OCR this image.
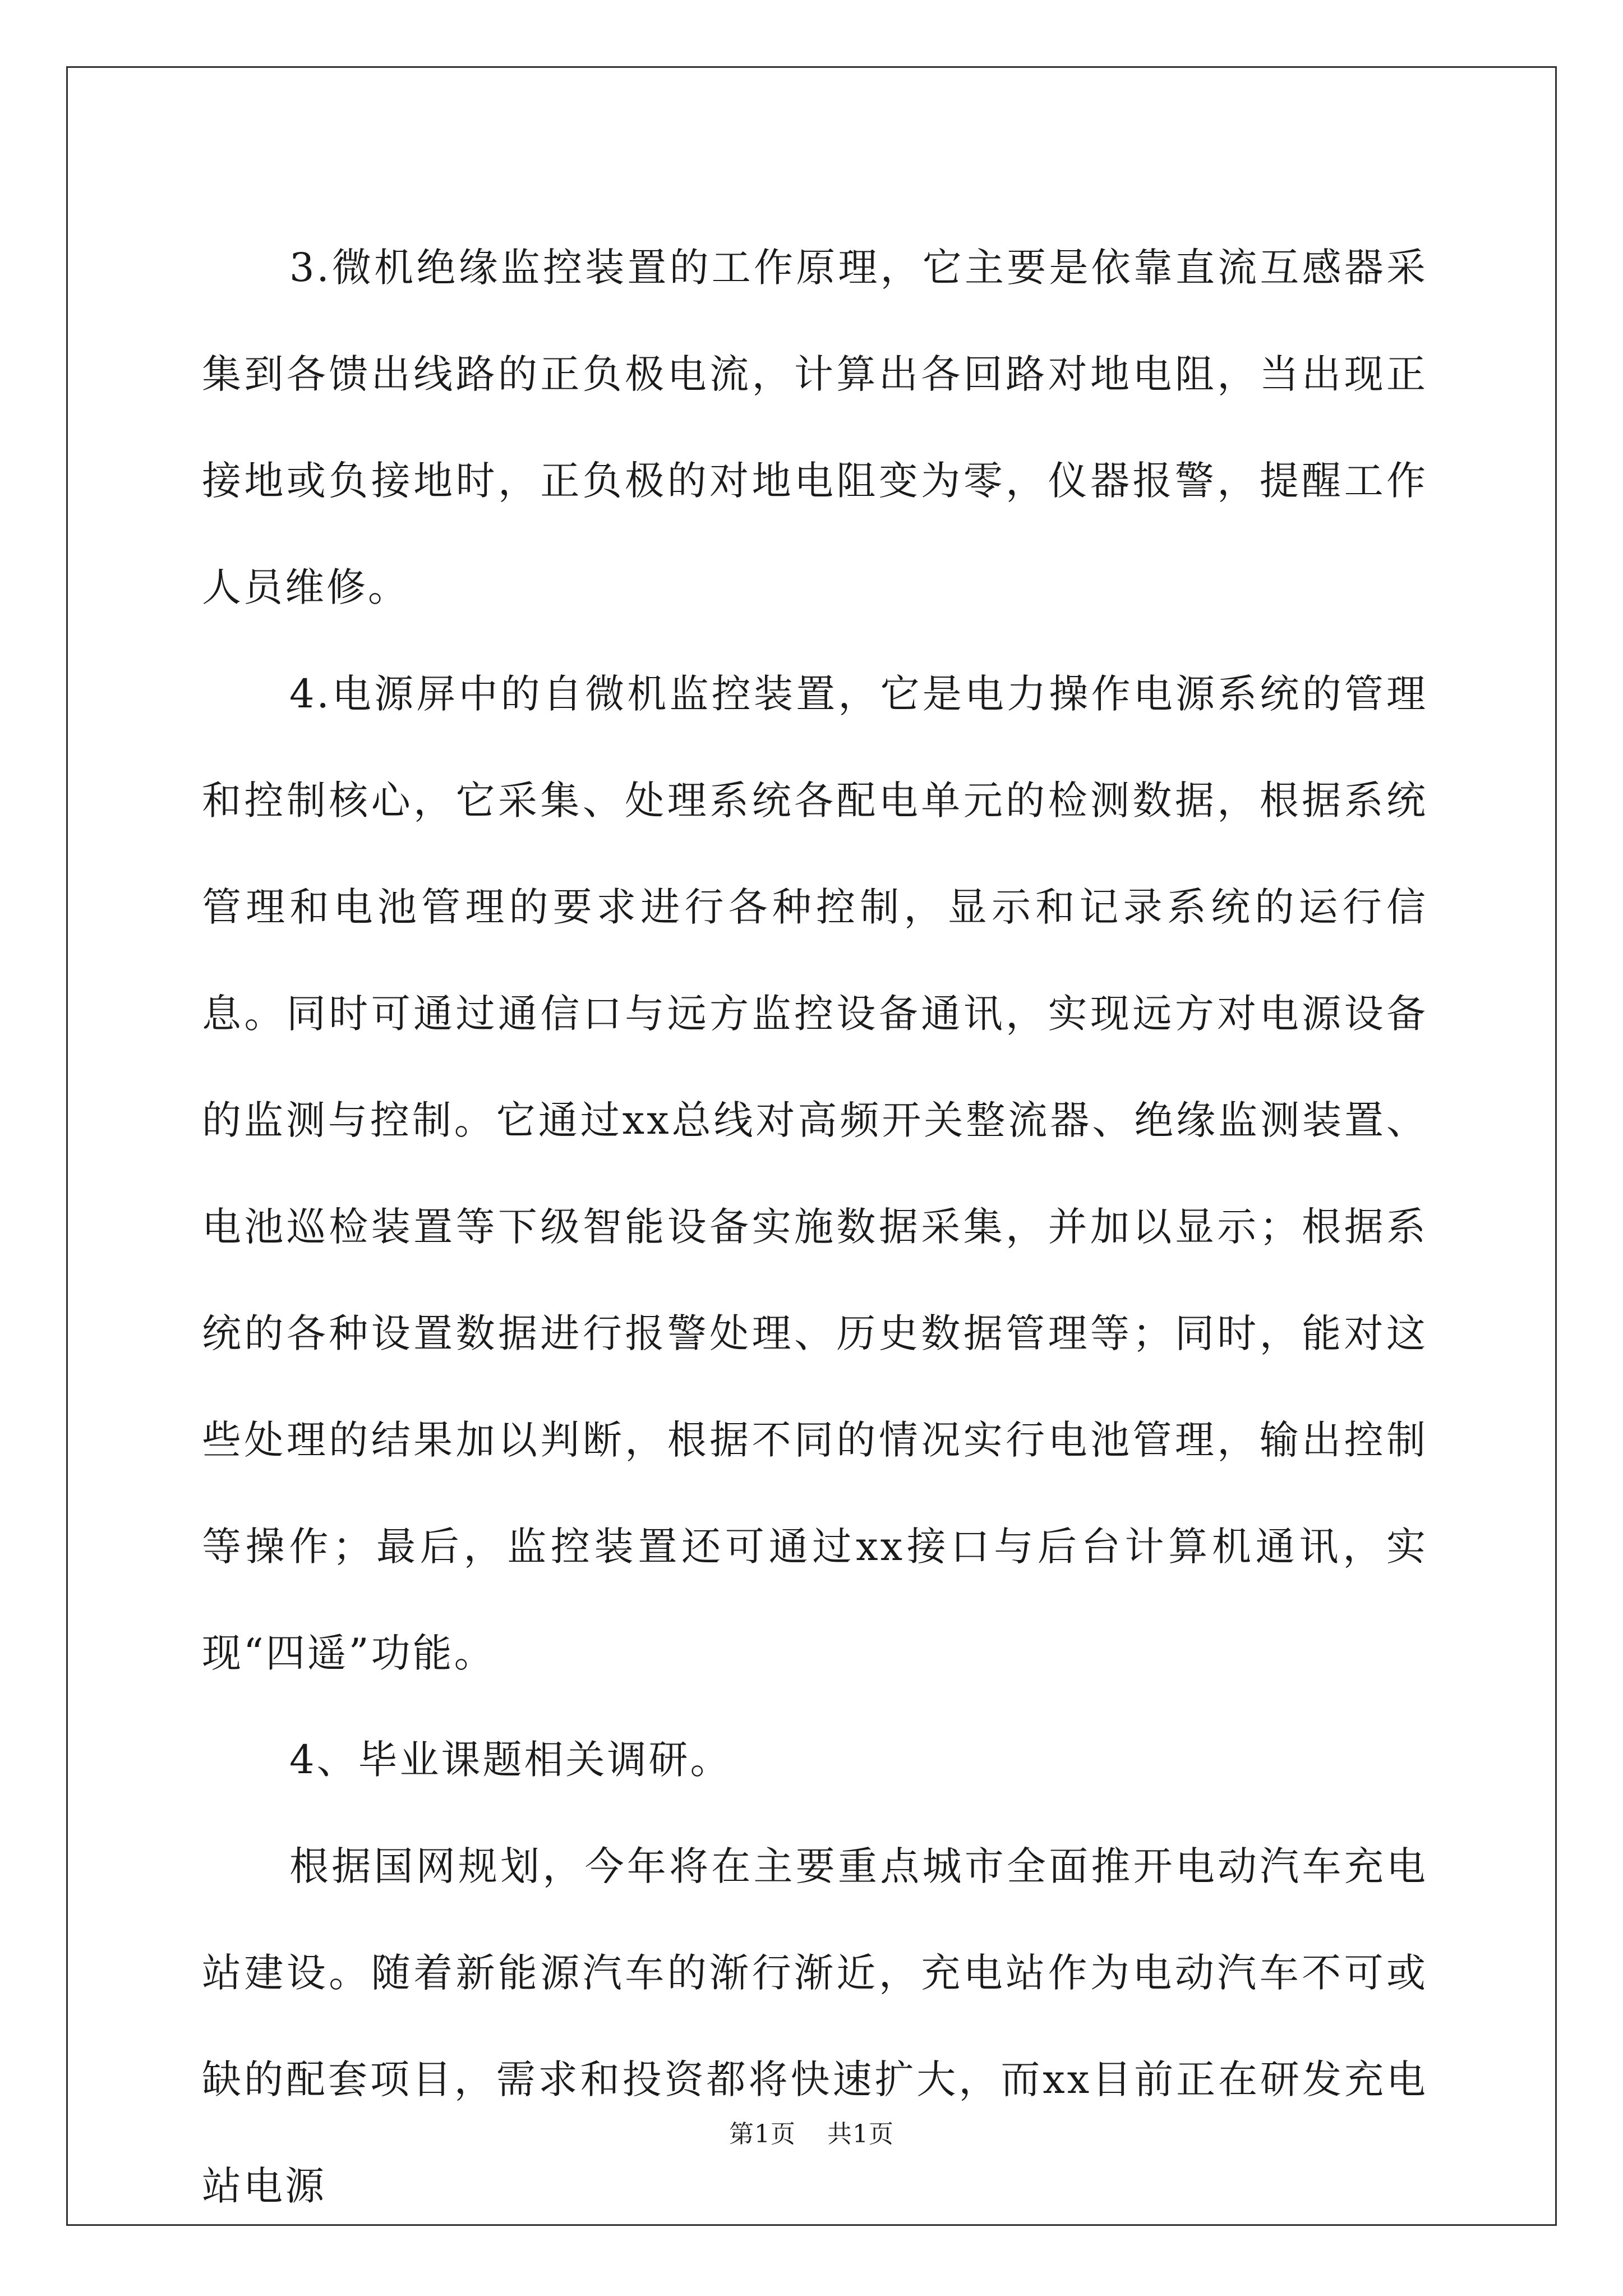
3.微机绝缘监控装置的工作原理，它主要是依靠直流互感器采集到各馈出线路的正负极电流，计算出各回路对地电阻，当出现正接地或负接地时，正负极的对地电阻变为零，仪器报警，提醒工作人员维修。

4.电源屏中的自微机监控装置，它是电力操作电源系统的管理和控制核心，它采集、处理系统各配电单元的检测数据，根据系统管理和电池管理的要求进行各种控制，显示和记录系统的运行信息。同时可通过通信口与远方监控设备通讯，实现远方对电源设备的监测与控制。它通过xx总线对高频开关整流器、绝缘监测装置、电池巡检装置等下级智能设备实施数据采集，并加以显示；根据系统的各种设置数据进行报警处理、历史数据管理等；同时，能对这些处理的结果加以判断，根据不同的情况实行电池管理，输出控制等操作；最后，监控装置还可通过xx接口与后台计算机通讯，实现“四遥”功能。

4、毕业课题相关调研。

根据国网规划，今年将在主要重点城市全面推开电动汽车充电站建设。随着新能源汽车的渐行渐近，充电站作为电动汽车不可或缺的配套项目，需求和投资都将快速扩大，而xx目前正在研发充电站电源

第1页 共1页
